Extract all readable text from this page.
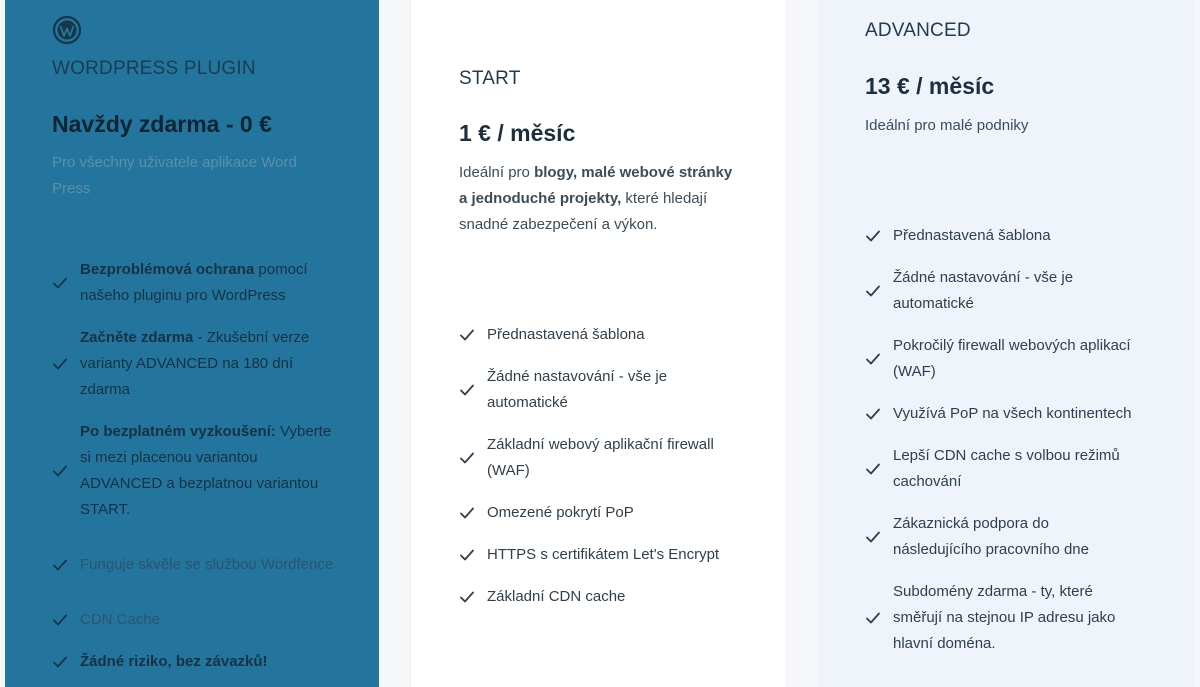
WORDPRESS PLUGIN
Navždy zdarma - 0 €
Pro všechny uživatele aplikace Word Press
Bezproblémová ochrana pomocí našeho pluginu pro WordPress
Začněte zdarma - Zkušební verze varianty ADVANCED na 180 dní zdarma
Po bezplatném vyzkoušení: Vyberte si mezi placenou variantou ADVANCED a bezplatnou variantou START.
Funguje skvěle se službou Wordfence
CDN Cache
Žádné riziko, bez závazků!
START
1 € / měsíc
Ideální pro blogy, malé webové stránky a jednoduché projekty, které hledají snadné zabezpečení a výkon.
Přednastavená šablona
Žádné nastavování - vše je automatické
Základní webový aplikační firewall (WAF)
Omezené pokrytí PoP
HTTPS s certifikátem Let's Encrypt
Základní CDN cache
ADVANCED
13 € / měsíc
Ideální pro malé podniky
Přednastavená šablona
Žádné nastavování - vše je automatické
Pokročilý firewall webových aplikací (WAF)
Využívá PoP na všech kontinentech
Lepší CDN cache s volbou režimů cachování
Zákaznická podpora do následujícího pracovního dne
Subdomény zdarma - ty, které směřují na stejnou IP adresu jako hlavní doména.
